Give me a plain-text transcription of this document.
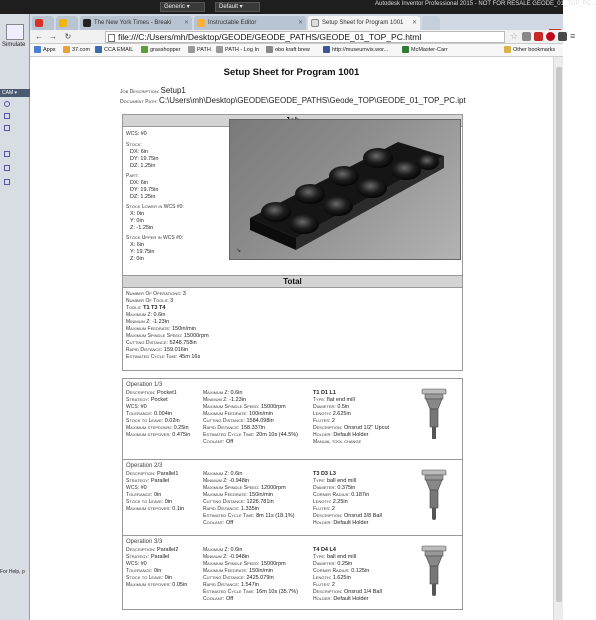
Generic ▾	Default ▾	Autodesk Inventor Professional 2015 - NOT FOR RESALE GEODE_01_TOP_PC...
The New York Times - Breaki ✕	Instructable Editor	✕	Setup Sheet for Program 1001 ✕
Simulate
CAM ▾
For Help, p
← → ↻	file:///C:/Users/mh/Desktop/GEODE/GEODE_PATHS/GEODE_01_TOP_PC.html	☆	≡
Apps	37.com	CCA EMAIL	grasshopper	PATH	PATH - Log In	obo kraft brew	http://museumvis.wor...	McMaster-Carr	Other bookmarks
Setup Sheet for Program 1001
Job Description: Setup1
Document Path: C:\Users\mh\Desktop\GEODE\GEODE_PATHS\Geode_TOP\GEODE_01_TOP_PC.ipt
WCS: #0
Stock:
DX: 6in
DY: 19.75in
DZ: 1.25in
Part:
DX: 6in
DY: 19.75in
DZ: 1.25in
Stock Lower in WCS #0:
X: 0in
Y: 0in
Z: -1.25in
Stock Upper in WCS #0:
X: 6in
Y: 19.75in
Z: 0in
↘
Total
Number Of Operations: 3
Number Of Tools: 3
Tools: T1 T3 T4
Maximum Z: 0.6in
Minimum Z: -1.23in
Maximum Feedrate: 150in/min
Maximum Spindle Speed: 15000rpm
Cutting Distance: 5248.758in
Rapid Distance: 159.016in
Estimated Cycle Time: 45m 16s
Operation 1/3
Description: Pocket1
Strategy: Pocket
WCS: #0
Tolerance: 0.004in
Stock to Leave: 0.02in
Maximum stepdown: 0.25in
Maximum stepover: 0.475in
Maximum Z: 0.6in
Minimum Z: -1.23in
Maximum Spindle Speed: 15000rpm
Maximum Feedrate: 100in/min
Cutting Distance: 1584.098in
Rapid Distance: 158.337in
Estimated Cycle Time: 20m 10s (44.5%)
Coolant: Off
T1 D1 L1
Type: flat end mill
Diameter: 0.5in
Length: 2.625in
Flutes: 2
Description: Onsrud 1/2" Upcut
Holder: Default Holder
Manual tool change
Operation 2/3
Description: Parallel1
Strategy: Parallel
WCS: #0
Tolerance: 0in
Stock to Leave: 0in
Maximum stepover: 0.1in
Maximum Z: 0.6in
Minimum Z: -0.948in
Maximum Spindle Speed: 12000rpm
Maximum Feedrate: 150in/min
Cutting Distance: 1226.781in
Rapid Distance: 1.335in
Estimated Cycle Time: 8m 11s (18.1%)
Coolant: Off
T3 D3 L3
Type: ball end mill
Diameter: 0.375in
Corner Radius: 0.187in
Length: 2.25in
Flutes: 2
Description: Onsrud 3/8 Ball
Holder: Default Holder
Operation 3/3
Description: Parallel2
Strategy: Parallel
WCS: #0
Tolerance: 0in
Stock to Leave: 0in
Maximum stepover: 0.05in
Maximum Z: 0.6in
Minimum Z: -0.948in
Maximum Spindle Speed: 15000rpm
Maximum Feedrate: 150in/min
Cutting Distance: 2425.079in
Rapid Distance: 1.547in
Estimated Cycle Time: 16m 10s (35.7%)
Coolant: Off
T4 D4 L4
Type: ball end mill
Diameter: 0.25in
Corner Radius: 0.125in
Length: 1.625in
Flutes: 2
Description: Onsrud 1/4 Ball
Holder: Default Holder
